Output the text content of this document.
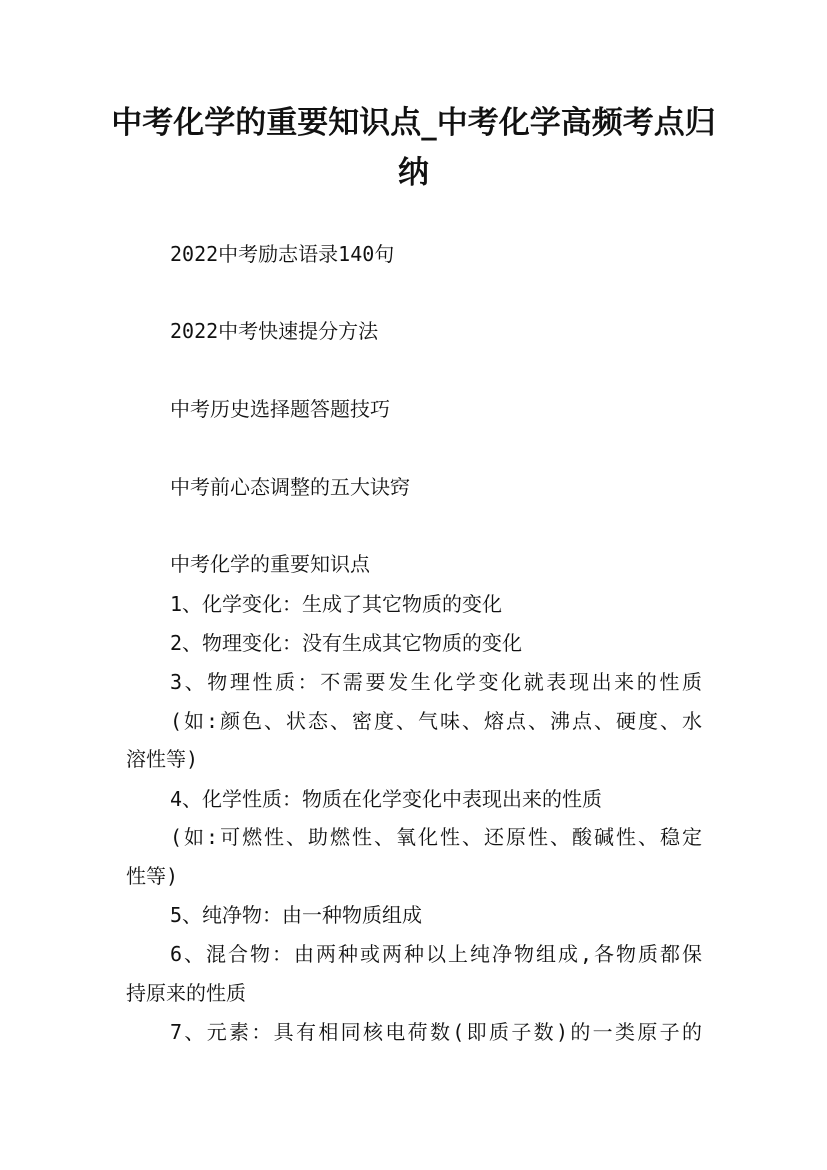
中考化学的重要知识点_中考化学高频考点归纳
2022中考励志语录140句
2022中考快速提分方法
中考历史选择题答题技巧
中考前心态调整的五大诀窍
中考化学的重要知识点
1、化学变化：生成了其它物质的变化
2、物理变化：没有生成其它物质的变化
3、物理性质：不需要发生化学变化就表现出来的性质
(如:颜色、状态、密度、气味、熔点、沸点、硬度、水
溶性等)
4、化学性质：物质在化学变化中表现出来的性质
(如:可燃性、助燃性、氧化性、还原性、酸碱性、稳定
性等)
5、纯净物：由一种物质组成
6、混合物：由两种或两种以上纯净物组成,各物质都保
持原来的性质
7、元素：具有相同核电荷数(即质子数)的一类原子的
